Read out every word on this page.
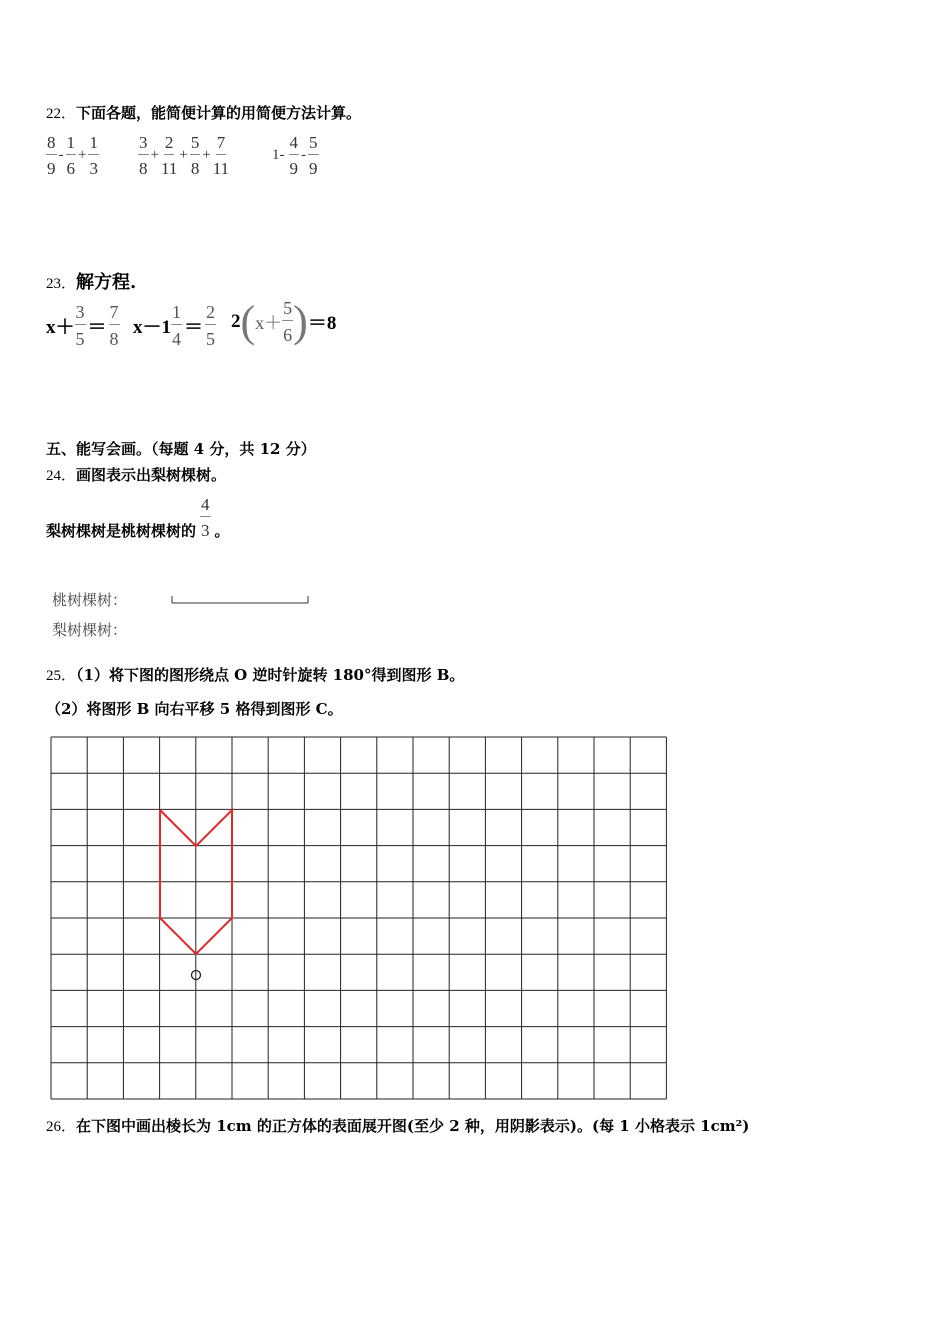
22．下面各题，能简便计算的用简便方法计算。
8
9
-
1
6
+ $\frac{1}{3} 3$
8
+ $\frac{2}{11} + \frac{5}{8} + \frac{7}{11}$	1-
4
9
-
5
9
23．解方程.
x＋
3
5
＝
7
8
x－1
1
4
＝
2
5
2 ( x＋
5
6 ) ＝8
五、能写会画。（每题 4 分，共 12 分）
24．画图表示出梨树棵树。
梨树棵树是桃树棵树的
4
3 。
桃树棵树：
梨树棵树：
25．（1）将下图的图形绕点 O 逆时针旋转 180°得到图形 B。
（2）将图形 B 向右平移 5 格得到图形 C。
26．在下图中画出棱长为 1cm 的正方体的表面展开图(至少 2 种，用阴影表示)。(每 1 小格表示 1cm²)
